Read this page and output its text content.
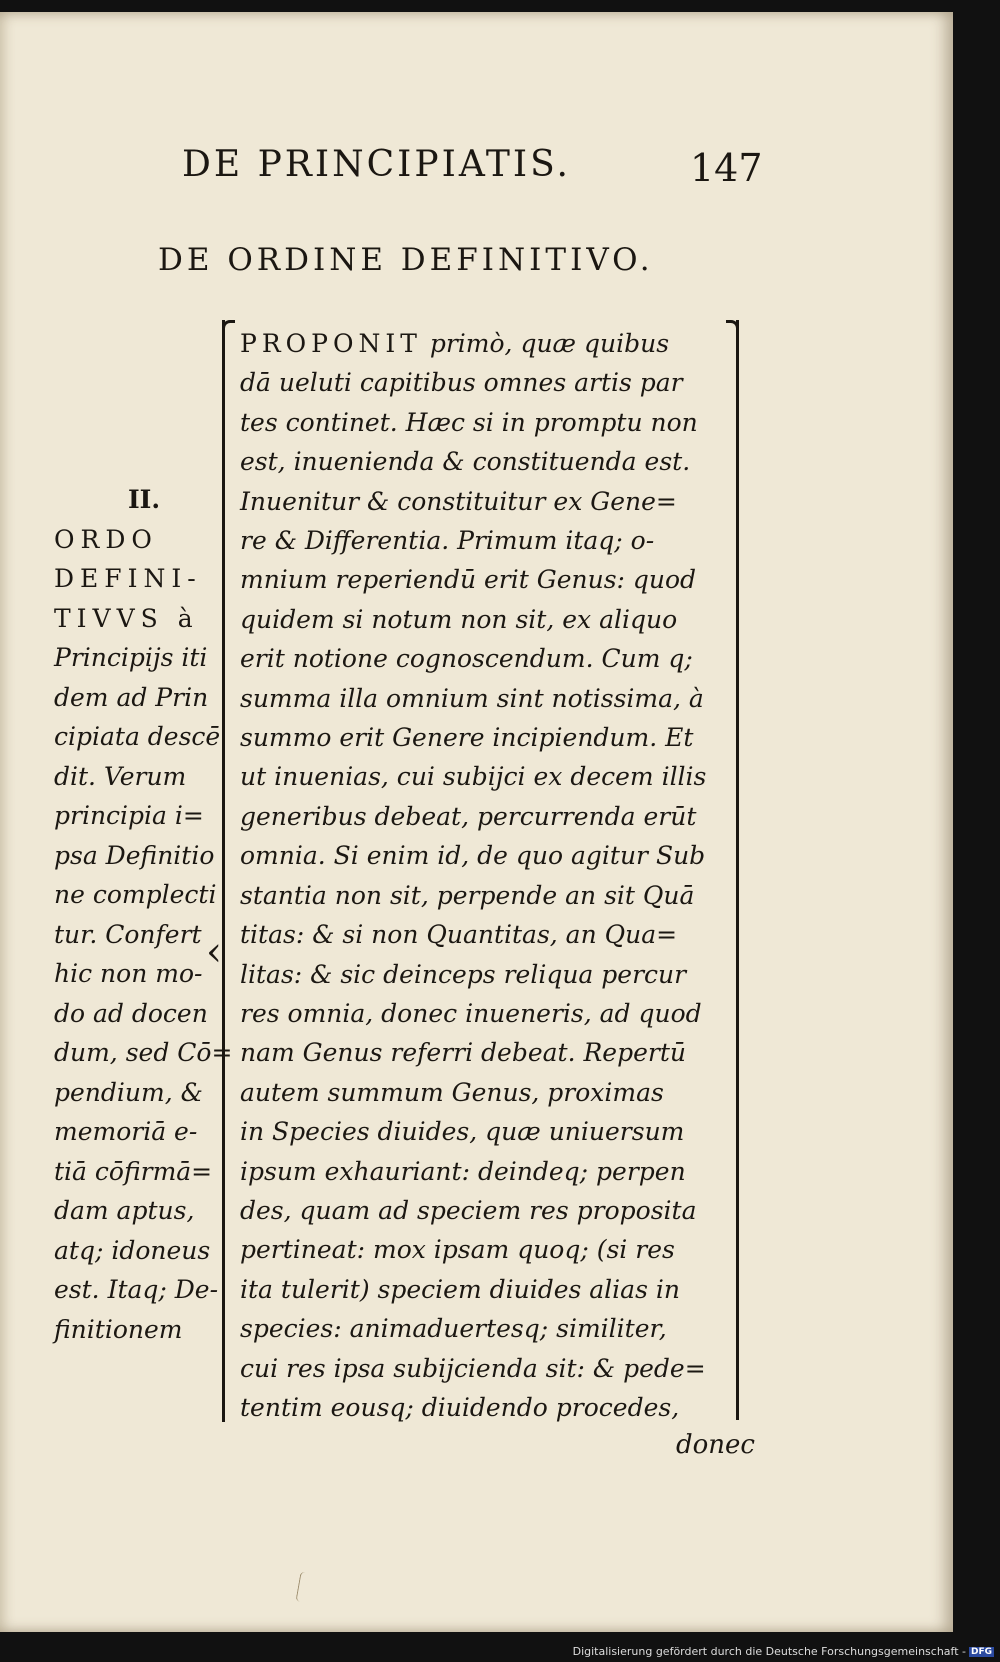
DE PRINCIPIATIS.	147
DE ORDINE DEFINITIVO.
II.
ORDO
DEFINI-
TIVVS à
Principijs iti
dem ad Prin
cipiata descē
dit. Verum
principia i=
psa Definitio
ne complecti
tur. Confert
hic non mo-
do ad docen
dum, sed Cō=
pendium, &
memoriā e-
tiā cōfirmā=
dam aptus,
atq; idoneus
est. Itaq; De-
finitionem
‹
PROPONIT primò, quæ quibus
dā ueluti capitibus omnes artis par
tes continet. Hæc si in promptu non
est, inuenienda & constituenda est.
Inuenitur & constituitur ex Gene=
re & Differentia. Primum itaq; o-
mnium reperiendū erit Genus: quod
quidem si notum non sit, ex aliquo
erit notione cognoscendum. Cum q;
summa illa omnium sint notissima, à
summo erit Genere incipiendum. Et
ut inuenias, cui subijci ex decem illis
generibus debeat, percurrenda erūt
omnia. Si enim id, de quo agitur Sub
stantia non sit, perpende an sit Quā
titas: & si non Quantitas, an Qua=
litas: & sic deinceps reliqua percur
res omnia, donec inueneris, ad quod
nam Genus referri debeat. Repertū
autem summum Genus, proximas
in Species diuides, quæ uniuersum
ipsum exhauriant: deindeq; perpen
des, quam ad speciem res proposita
pertineat: mox ipsam quoq; (si res
ita tulerit) speciem diuides alias in
species: animaduertesq; similiter,
cui res ipsa subijcienda sit: & pede=
tentim eousq; diuidendo procedes,
donec
Digitalisierung gefördert durch die Deutsche Forschungsgemeinschaft - DFG
